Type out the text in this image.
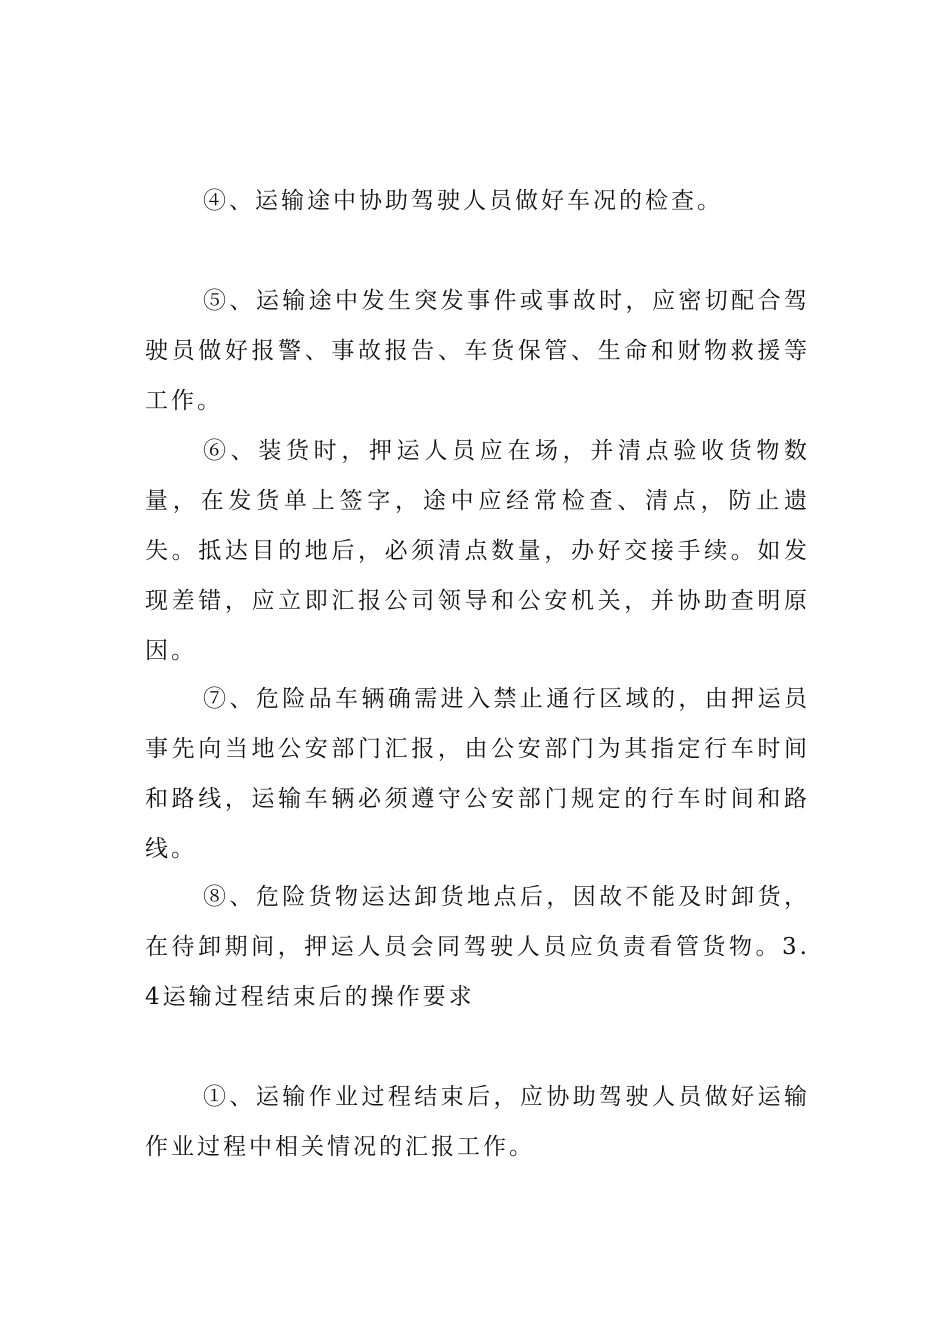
④、运输途中协助驾驶人员做好车况的检查。

⑤、运输途中发生突发事件或事故时，应密切配合驾驶员做好报警、事故报告、车货保管、生命和财物救援等工作。

⑥、装货时，押运人员应在场，并清点验收货物数量，在发货单上签字，途中应经常检查、清点，防止遗失。抵达目的地后，必须清点数量，办好交接手续。如发现差错，应立即汇报公司领导和公安机关，并协助查明原因。

⑦、危险品车辆确需进入禁止通行区域的，由押运员事先向当地公安部门汇报，由公安部门为其指定行车时间和路线，运输车辆必须遵守公安部门规定的行车时间和路线。

⑧、危险货物运达卸货地点后，因故不能及时卸货，在待卸期间，押运人员会同驾驶人员应负责看管货物。3.4运输过程结束后的操作要求

①、运输作业过程结束后，应协助驾驶人员做好运输作业过程中相关情况的汇报工作。
